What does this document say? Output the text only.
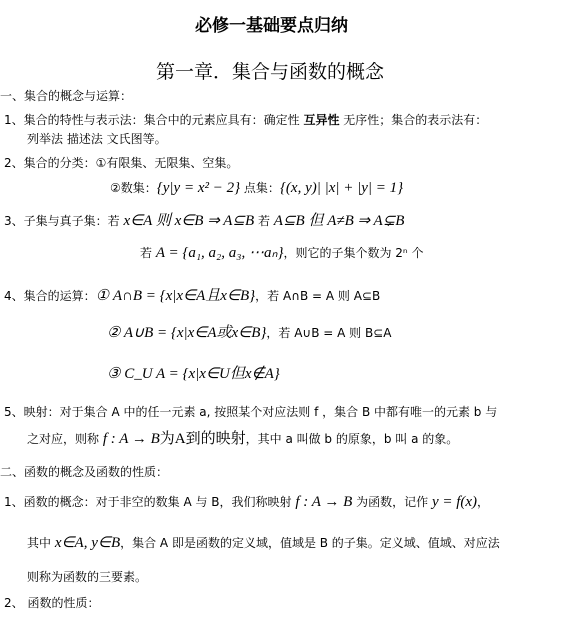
必修一基础要点归纳
第一章．集合与函数的概念
一、集合的概念与运算：
1、集合的特性与表示法：集合中的元素应具有：确定性 互异性 无序性；集合的表示法有：
列举法 描述法 文氏图等。
2、集合的分类：①有限集、无限集、空集。
②数集：{y|y = x² − 2} 点集：{(x, y)| |x| + |y| = 1}
3、子集与真子集：若 x∈A 则 x∈B ⇒ A⊆B 若 A⊆B 但 A≠B ⇒ A⊊B
若 A = {a₁, a₂, a₃, ⋯aₙ}，则它的子集个数为 2ⁿ 个
4、集合的运算：① A∩B = {x|x∈A且x∈B}，若 A∩B = A 则 A⊆B
② A∪B = {x|x∈A或x∈B}，若 A∪B = A 则 B⊆A
③ C_U A = {x|x∈U但x∉A}
5、映射：对于集合 A 中的任一元素 a, 按照某个对应法则 f ，集合 B 中都有唯一的元素 b 与
之对应，则称 f : A → B为A到的映射，其中 a 叫做 b 的原象，b 叫 a 的象。
二、函数的概念及函数的性质：
1、函数的概念：对于非空的数集 A 与 B，我们称映射 f : A → B 为函数，记作 y = f(x)，
其中 x∈A, y∈B，集合 A 即是函数的定义域，值域是 B 的子集。定义域、值域、对应法
则称为函数的三要素。
2、 函数的性质：
